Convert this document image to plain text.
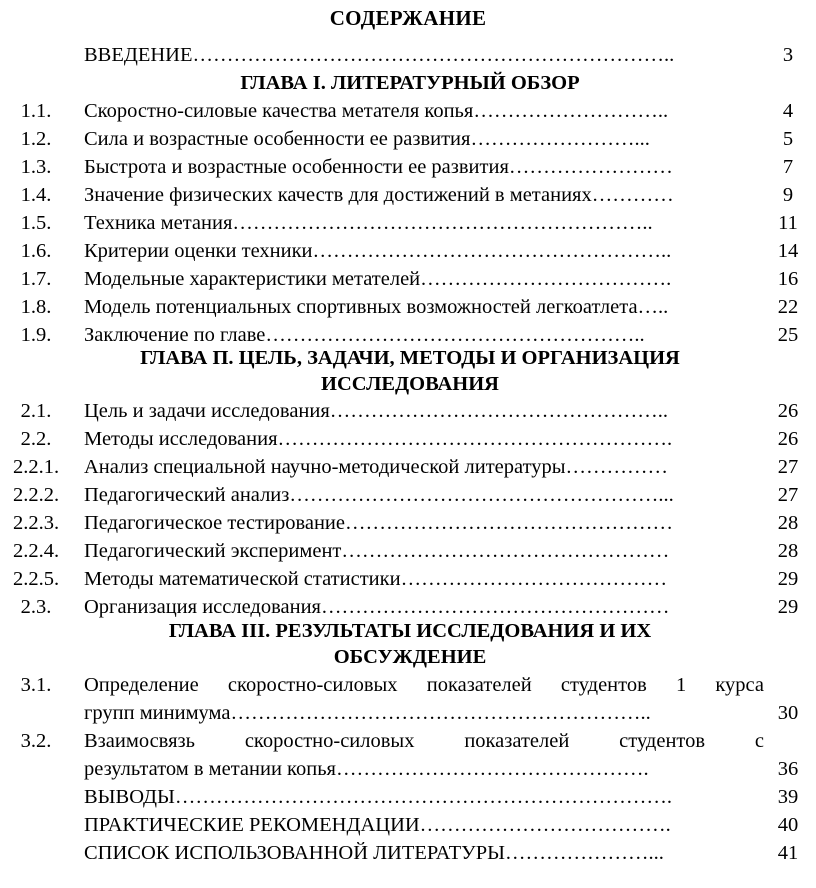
СОДЕРЖАНИЕ
ВВЕДЕНИЕ……………………………………………………………..	3
ГЛАВА I. ЛИТЕРАТУРНЫЙ ОБЗОР
1.1.	Скоростно-силовые качества метателя копья………………………..	4
1.2.	Сила и возрастные особенности ее развития……………………...	5
1.3.	Быстрота и возрастные особенности ее развития……………………	7
1.4.	Значение физических качеств для достижений в метаниях…………	9
1.5.	Техника метания……………………………………………………..	11
1.6.	Критерии оценки техники……………………………………………..	14
1.7.	Модельные характеристики метателей……………………………….	16
1.8.	Модель потенциальных спортивных возможностей легкоатлета…..	22
1.9.	Заключение по главе………………………………………………..	25
ГЛАВА П. ЦЕЛЬ, ЗАДАЧИ, МЕТОДЫ И ОРГАНИЗАЦИЯ
ИССЛЕДОВАНИЯ
2.1.	Цель и задачи исследования…………………………………………..	26
2.2.	Методы исследования………………………………………………….	26
2.2.1.	Анализ специальной научно-методической литературы……………	27
2.2.2.	Педагогический анализ………………………………………………...	27
2.2.3.	Педагогическое тестирование…………………………………………	28
2.2.4.	Педагогический эксперимент…………………………………………	28
2.2.5.	Методы математической статистики…………………………………	29
2.3.	Организация исследования……………………………………………	29
ГЛАВА III. РЕЗУЛЬТАТЫ ИССЛЕДОВАНИЯ И ИХ
ОБСУЖДЕНИЕ
3.1.	Определение скоростно-силовых показателей студентов 1 курса
групп минимума……………………………………………………..	30
3.2.	Взаимосвязь скоростно-силовых показателей студентов с
результатом в метании копья……………………………………….	36
ВЫВОДЫ……………………………………………………………….	39
ПРАКТИЧЕСКИЕ РЕКОМЕНДАЦИИ……………………………….	40
СПИСОК ИСПОЛЬЗОВАННОЙ ЛИТЕРАТУРЫ…………………...	41
